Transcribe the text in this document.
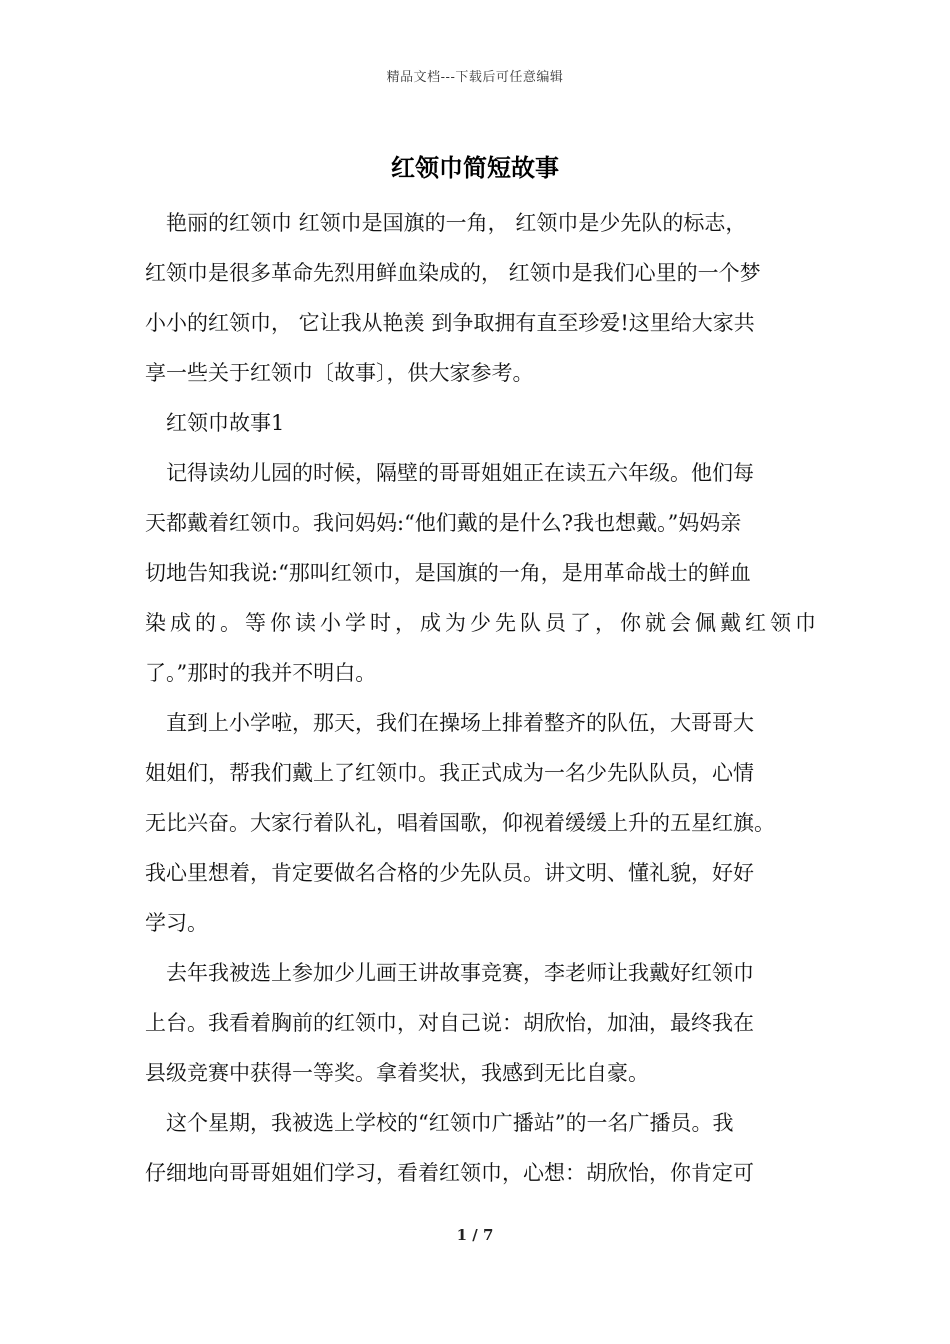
精品文档---下载后可任意编辑
红领巾简短故事
　艳丽的红领巾 红领巾是国旗的一角， 红领巾是少先队的标志，
红领巾是很多革命先烈用鲜血染成的， 红领巾是我们心里的一个梦
小小的红领巾， 它让我从艳羡 到争取拥有直至珍爱!这里给大家共
享一些关于红领巾〔故事〕，供大家参考。
　红领巾故事1
　记得读幼儿园的时候，隔壁的哥哥姐姐正在读五六年级。他们每
天都戴着红领巾。我问妈妈:“他们戴的是什么?我也想戴。”妈妈亲
切地告知我说:“那叫红领巾，是国旗的一角，是用革命战士的鲜血
染成的。等你读小学时，成为少先队员了，你就会佩戴红领巾
了。”那时的我并不明白。
　直到上小学啦，那天，我们在操场上排着整齐的队伍，大哥哥大
姐姐们，帮我们戴上了红领巾。我正式成为一名少先队队员，心情
无比兴奋。大家行着队礼，唱着国歌，仰视着缓缓上升的五星红旗。
我心里想着，肯定要做名合格的少先队员。讲文明、懂礼貌，好好
学习。
　去年我被选上参加少儿画王讲故事竞赛，李老师让我戴好红领巾
上台。我看着胸前的红领巾，对自己说：胡欣怡，加油，最终我在
县级竞赛中获得一等奖。拿着奖状，我感到无比自豪。
　这个星期，我被选上学校的“红领巾广播站”的一名广播员。我
仔细地向哥哥姐姐们学习，看着红领巾，心想：胡欣怡，你肯定可
1 / 7
